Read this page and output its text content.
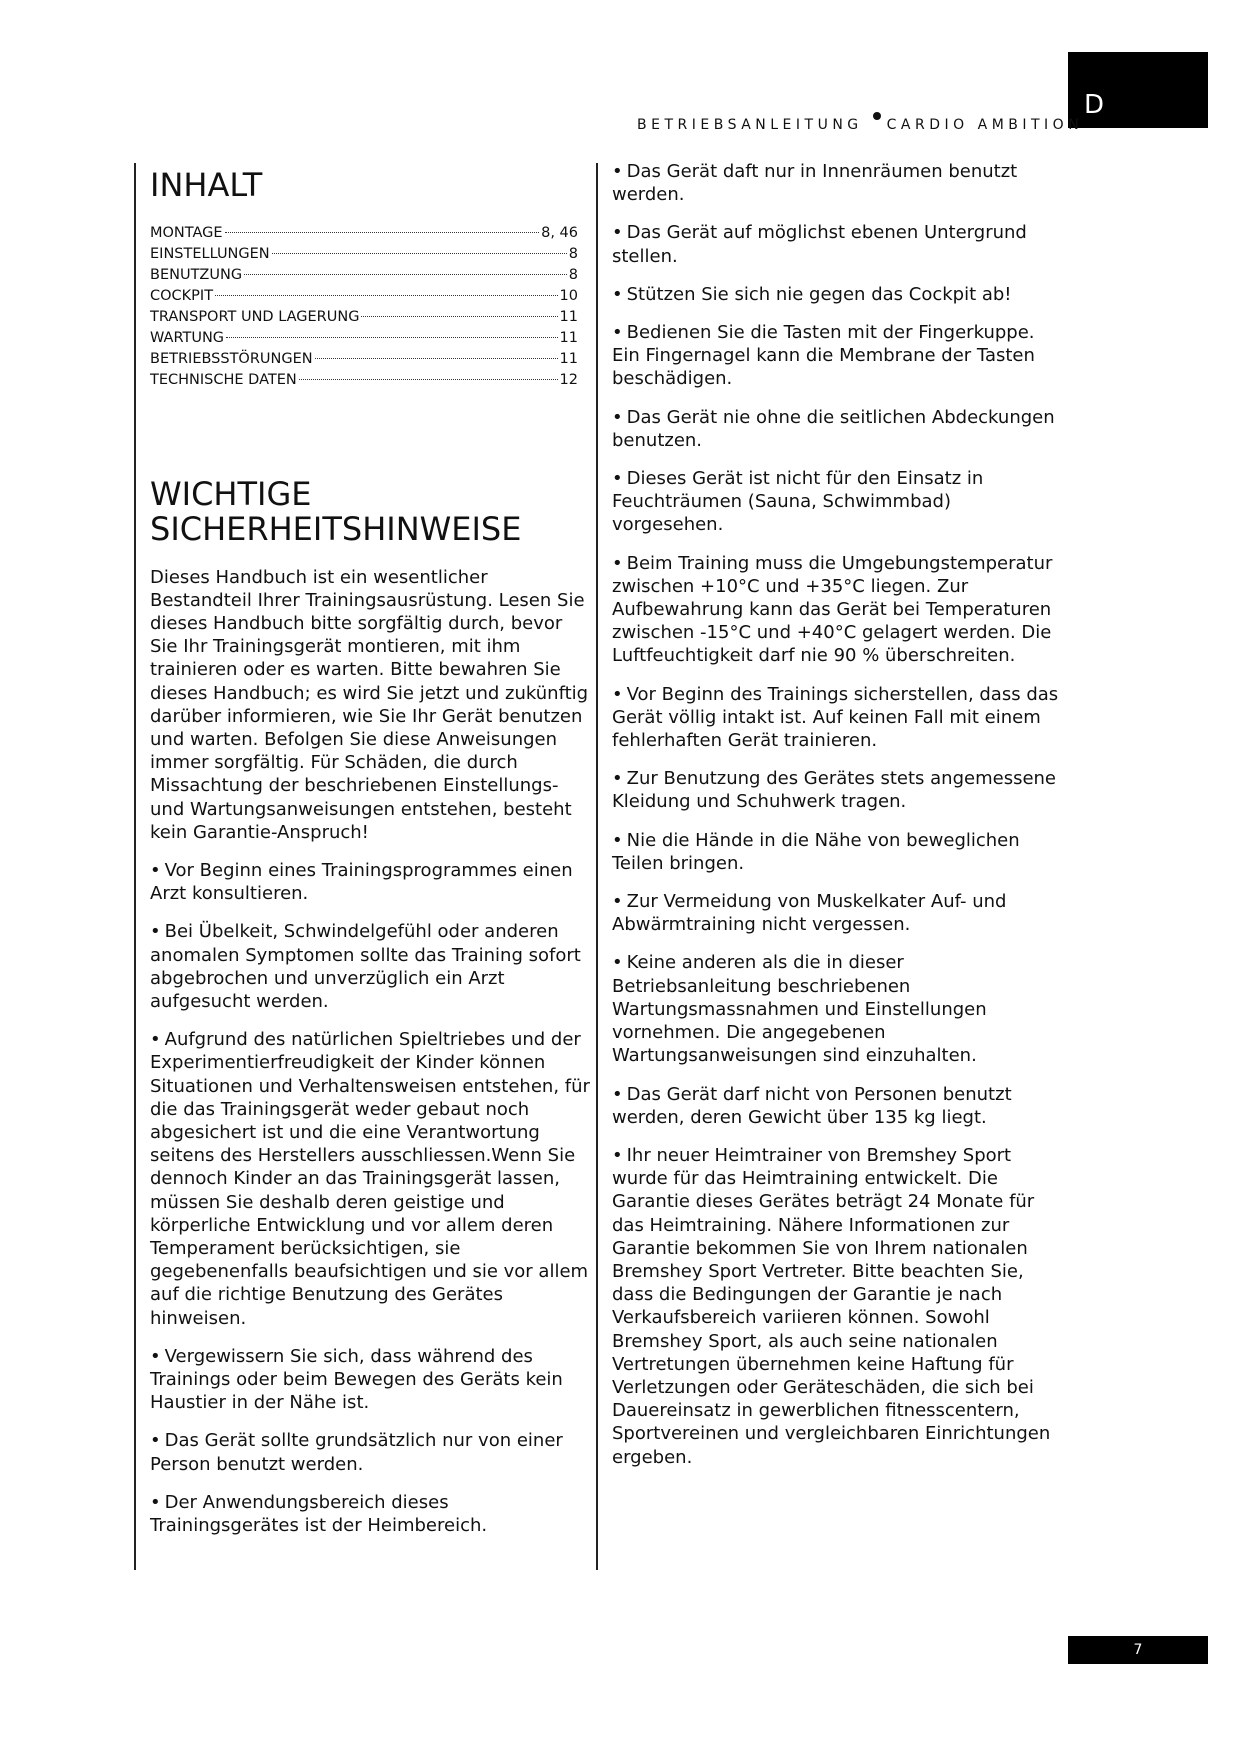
D
BETRIEBSANLEITUNG CARDIO AMBITION
INHALT
MONTAGE	8, 46
EINSTELLUNGEN	8
BENUTZUNG	8
COCKPIT	10
TRANSPORT UND LAGERUNG	11
WARTUNG	11
BETRIEBSSTÖRUNGEN	11
TECHNISCHE DATEN	12
WICHTIGE
SICHERHEITSHINWEISE

Dieses Handbuch ist ein wesentlicher Bestandteil Ihrer Trainingsausrüstung. Lesen Sie dieses Handbuch bitte sorgfältig durch, bevor Sie Ihr Trainingsgerät montieren, mit ihm trainieren oder es warten. Bitte bewahren Sie dieses Handbuch; es wird Sie jetzt und zukünftig darüber informieren, wie Sie Ihr Gerät benutzen und warten. Befolgen Sie diese Anweisungen immer sorgfältig. Für Schäden, die durch Missachtung der beschriebenen Einstellungs- und Wartungsanweisungen entstehen, besteht kein Garantie-Anspruch!

• Vor Beginn eines Trainingsprogrammes einen Arzt konsultieren.

• Bei Übelkeit, Schwindelgefühl oder anderen anomalen Symptomen sollte das Training sofort abgebrochen und unverzüglich ein Arzt aufgesucht werden.

• Aufgrund des natürlichen Spieltriebes und der Experimentierfreudigkeit der Kinder können Situationen und Verhaltensweisen entstehen, für die das Trainingsgerät weder gebaut noch abgesichert ist und die eine Verantwortung seitens des Herstellers ausschliessen.Wenn Sie dennoch Kinder an das Trainingsgerät lassen, müssen Sie deshalb deren geistige und körperliche Entwicklung und vor allem deren Temperament berücksichtigen, sie gegebenenfalls beaufsichtigen und sie vor allem auf die richtige Benutzung des Gerätes hinweisen.

• Vergewissern Sie sich, dass während des Trainings oder beim Bewegen des Geräts kein Haustier in der Nähe ist.

• Das Gerät sollte grundsätzlich nur von einer Person benutzt werden.

• Der Anwendungsbereich dieses Trainingsgerätes ist der Heimbereich.

• Das Gerät daft nur in Innenräumen benutzt werden.

• Das Gerät auf möglichst ebenen Untergrund stellen.

• Stützen Sie sich nie gegen das Cockpit ab!

• Bedienen Sie die Tasten mit der Fingerkuppe. Ein Fingernagel kann die Membrane der Tasten beschädigen.

• Das Gerät nie ohne die seitlichen Abdeckungen benutzen.

• Dieses Gerät ist nicht für den Einsatz in Feuchträumen (Sauna, Schwimmbad) vorgesehen.

• Beim Training muss die Umgebungstemperatur zwischen +10°C und +35°C liegen. Zur Aufbewahrung kann das Gerät bei Temperaturen zwischen -15°C und +40°C gelagert werden. Die Luftfeuchtigkeit darf nie 90 % überschreiten.

• Vor Beginn des Trainings sicherstellen, dass das Gerät völlig intakt ist. Auf keinen Fall mit einem fehlerhaften Gerät trainieren.

• Zur Benutzung des Gerätes stets angemessene Kleidung und Schuhwerk tragen.

• Nie die Hände in die Nähe von beweglichen Teilen bringen.

• Zur Vermeidung von Muskelkater Auf- und Abwärmtraining nicht vergessen.

• Keine anderen als die in dieser Betriebsanleitung beschriebenen Wartungsmassnahmen und Einstellungen vornehmen. Die angegebenen Wartungsanweisungen sind einzuhalten.

• Das Gerät darf nicht von Personen benutzt werden, deren Gewicht über 135 kg liegt.

• Ihr neuer Heimtrainer von Bremshey Sport wurde für das Heimtraining entwickelt. Die Garantie dieses Gerätes beträgt 24 Monate für das Heimtraining. Nähere Informationen zur Garantie bekommen Sie von Ihrem nationalen Bremshey Sport Vertreter. Bitte beachten Sie, dass die Bedingungen der Garantie je nach Verkaufsbereich variieren können. Sowohl Bremshey Sport, als auch seine nationalen Vertretungen übernehmen keine Haftung für Verletzungen oder Geräteschäden, die sich bei Dauereinsatz in gewerblichen fitnesscentern, Sportvereinen und vergleichbaren Einrichtungen ergeben.

7
